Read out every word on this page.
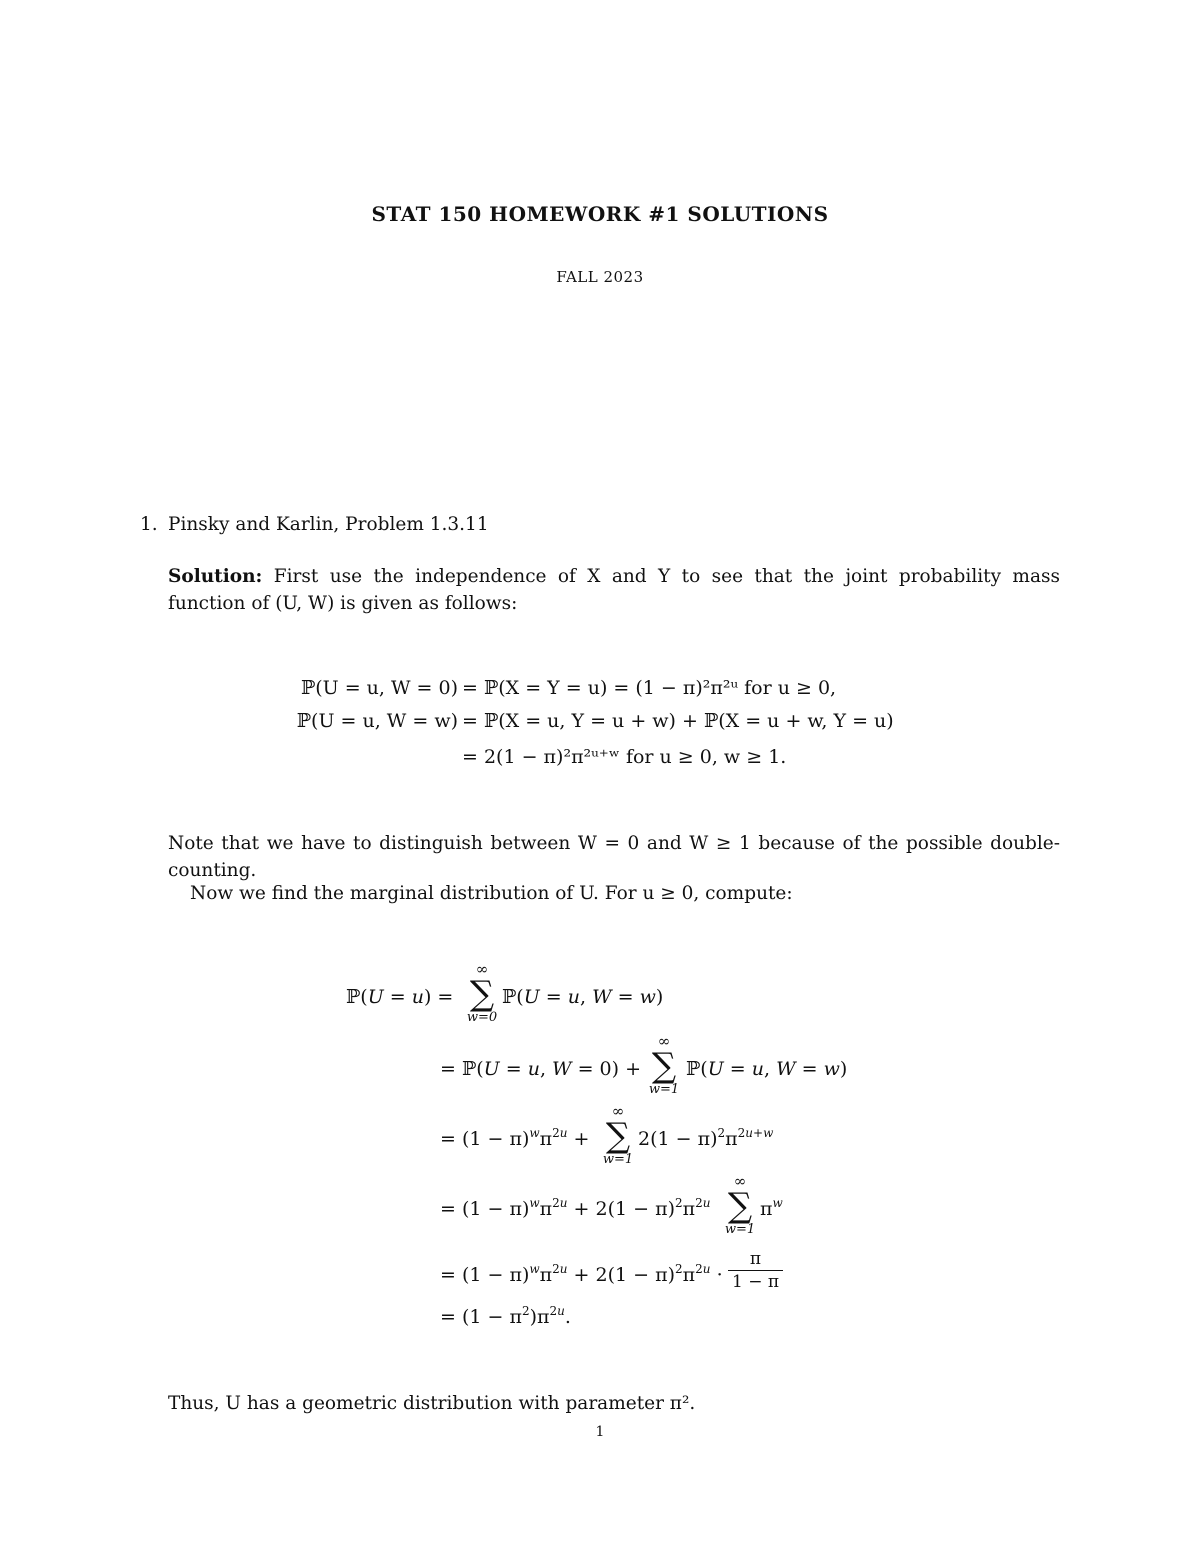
STAT 150 HOMEWORK #1 SOLUTIONS
FALL 2023
1. Pinsky and Karlin, Problem 1.3.11
Solution: First use the independence of X and Y to see that the joint probability mass function of (U, W) is given as follows:
ℙ(U = u, W = 0) = ℙ(X = Y = u) = (1 − π)²π²ᵘ for u ≥ 0,
ℙ(U = u, W = w) = ℙ(X = u, Y = u + w) + ℙ(X = u + w, Y = u)
= 2(1 − π)²π²ᵘ⁺ʷ for u ≥ 0, w ≥ 1.
Note that we have to distinguish between W = 0 and W ≥ 1 because of the possible double-counting.
Now we find the marginal distribution of U. For u ≥ 0, compute:
ℙ(U = u) =
∞
∑
w=0
ℙ(U = u, W = w)
= ℙ(U = u, W = 0) +
∞
∑
w=1
ℙ(U = u, W = w)
= $(1 - \pi)^w\pi^{2u}$ +
∞
∑
w=1
$2(1 - \pi)^2\pi^{2u+w}$
= $(1 - \pi)^w\pi^{2u} + 2(1 - \pi)^2\pi^{2u}$
∞
∑
w=1
$\pi^w$
= $(1 - \pi)^w\pi^{2u} + 2(1 - \pi)^2\pi^{2u} \cdot \frac{\pi}{1 - \pi}$
= $(1 - \pi^2)\pi^{2u}$.
Thus, U has a geometric distribution with parameter π².
1
